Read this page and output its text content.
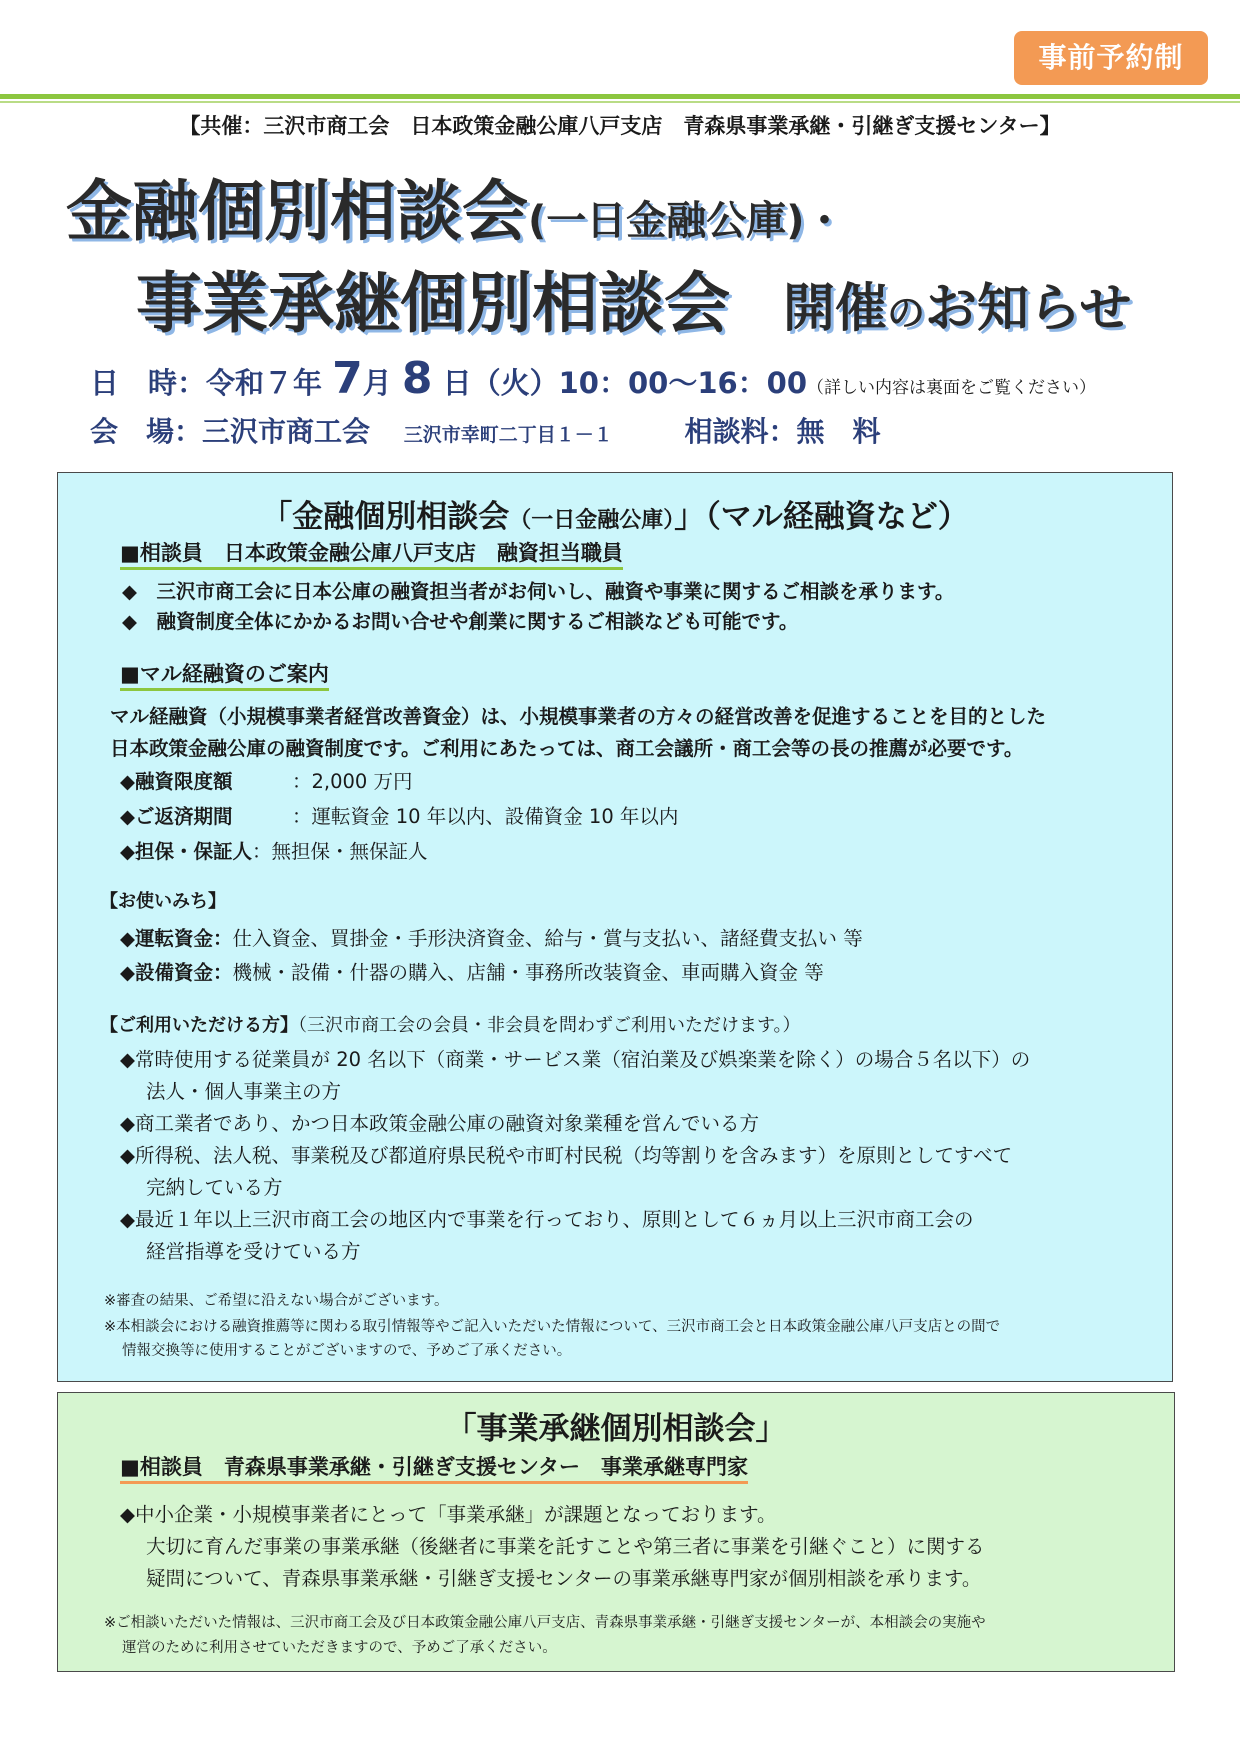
事前予約制
【共催：三沢市商工会　日本政策金融公庫八戸支店　青森県事業承継・引継ぎ支援センター】
金融個別相談会(一日金融公庫)・
事業承継個別相談会 開催のお知らせ
日　時：令和７年 7月 8 日（火）10：00～16：00（詳しい内容は裏面をご覧ください）
会　場：三沢市商工会 三沢市幸町二丁目１－１	相談料：無　料
「金融個別相談会（一日金融公庫）」（マル経融資など）
■相談員　日本政策金融公庫八戸支店　融資担当職員
◆　三沢市商工会に日本公庫の融資担当者がお伺いし、融資や事業に関するご相談を承ります。
◆　融資制度全体にかかるお問い合せや創業に関するご相談なども可能です。
■マル経融資のご案内
マル経融資（小規模事業者経営改善資金）は、小規模事業者の方々の経営改善を促進することを目的とした
日本政策金融公庫の融資制度です。ご利用にあたっては、商工会議所・商工会等の長の推薦が必要です。
◆融資限度額	：2,000 万円
◆ご返済期間	：運転資金 10 年以内、設備資金 10 年以内
◆担保・保証人：無担保・無保証人
【お使いみち】
◆運転資金：仕入資金、買掛金・手形決済資金、給与・賞与支払い、諸経費支払い 等
◆設備資金：機械・設備・什器の購入、店舗・事務所改装資金、車両購入資金 等
【ご利用いただける方】（三沢市商工会の会員・非会員を問わずご利用いただけます。）
◆常時使用する従業員が 20 名以下（商業・サービス業（宿泊業及び娯楽業を除く）の場合５名以下）の
法人・個人事業主の方
◆商工業者であり、かつ日本政策金融公庫の融資対象業種を営んでいる方
◆所得税、法人税、事業税及び都道府県民税や市町村民税（均等割りを含みます）を原則としてすべて
完納している方
◆最近１年以上三沢市商工会の地区内で事業を行っており、原則として６ヵ月以上三沢市商工会の
経営指導を受けている方
※審査の結果、ご希望に沿えない場合がございます。
※本相談会における融資推薦等に関わる取引情報等やご記入いただいた情報について、三沢市商工会と日本政策金融公庫八戸支店との間で
情報交換等に使用することがございますので、予めご了承ください。
「事業承継個別相談会」
■相談員　青森県事業承継・引継ぎ支援センター　事業承継専門家
◆中小企業・小規模事業者にとって「事業承継」が課題となっております。
大切に育んだ事業の事業承継（後継者に事業を託すことや第三者に事業を引継ぐこと）に関する
疑問について、青森県事業承継・引継ぎ支援センターの事業承継専門家が個別相談を承ります。
※ご相談いただいた情報は、三沢市商工会及び日本政策金融公庫八戸支店、青森県事業承継・引継ぎ支援センターが、本相談会の実施や
運営のために利用させていただきますので、予めご了承ください。
